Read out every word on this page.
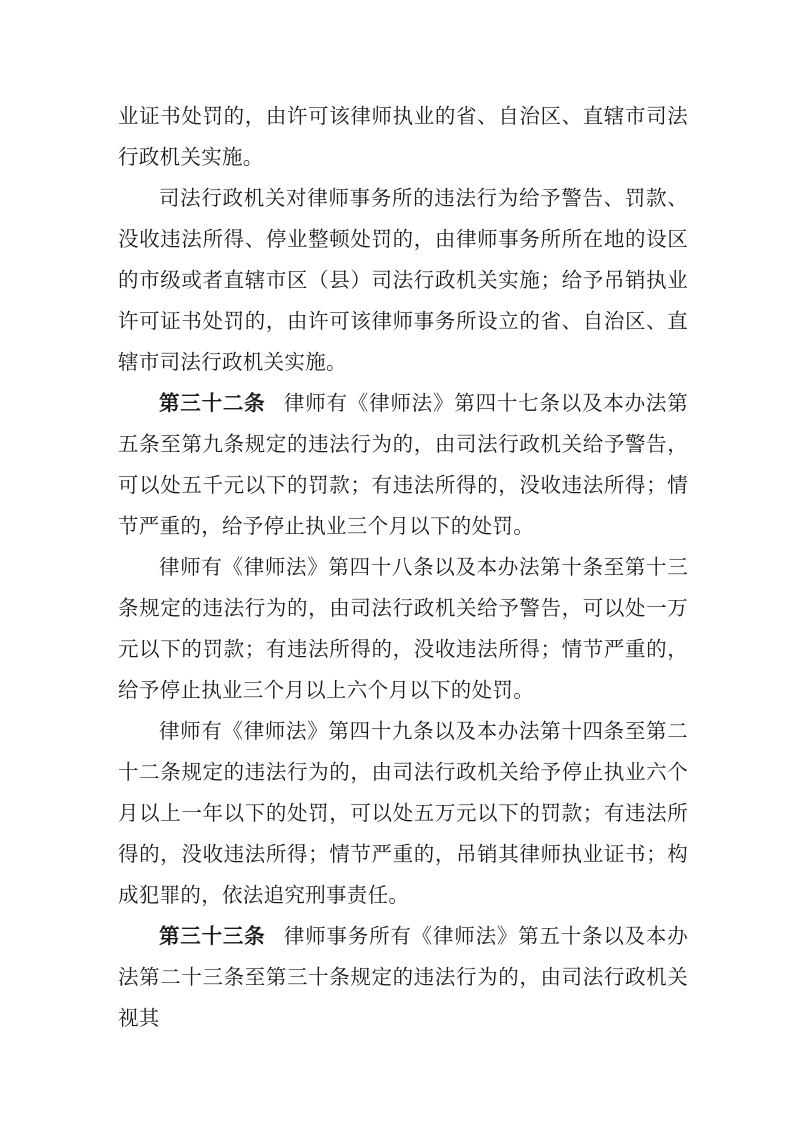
业证书处罚的，由许可该律师执业的省、自治区、直辖市司法行政机关实施。

司法行政机关对律师事务所的违法行为给予警告、罚款、没收违法所得、停业整顿处罚的，由律师事务所所在地的设区的市级或者直辖市区（县）司法行政机关实施；给予吊销执业许可证书处罚的，由许可该律师事务所设立的省、自治区、直辖市司法行政机关实施。

第三十二条 律师有《律师法》第四十七条以及本办法第五条至第九条规定的违法行为的，由司法行政机关给予警告，可以处五千元以下的罚款；有违法所得的，没收违法所得；情节严重的，给予停止执业三个月以下的处罚。

律师有《律师法》第四十八条以及本办法第十条至第十三条规定的违法行为的，由司法行政机关给予警告，可以处一万元以下的罚款；有违法所得的，没收违法所得；情节严重的，给予停止执业三个月以上六个月以下的处罚。

律师有《律师法》第四十九条以及本办法第十四条至第二十二条规定的违法行为的，由司法行政机关给予停止执业六个月以上一年以下的处罚，可以处五万元以下的罚款；有违法所得的，没收违法所得；情节严重的，吊销其律师执业证书；构成犯罪的，依法追究刑事责任。

第三十三条 律师事务所有《律师法》第五十条以及本办法第二十三条至第三十条规定的违法行为的，由司法行政机关视其
